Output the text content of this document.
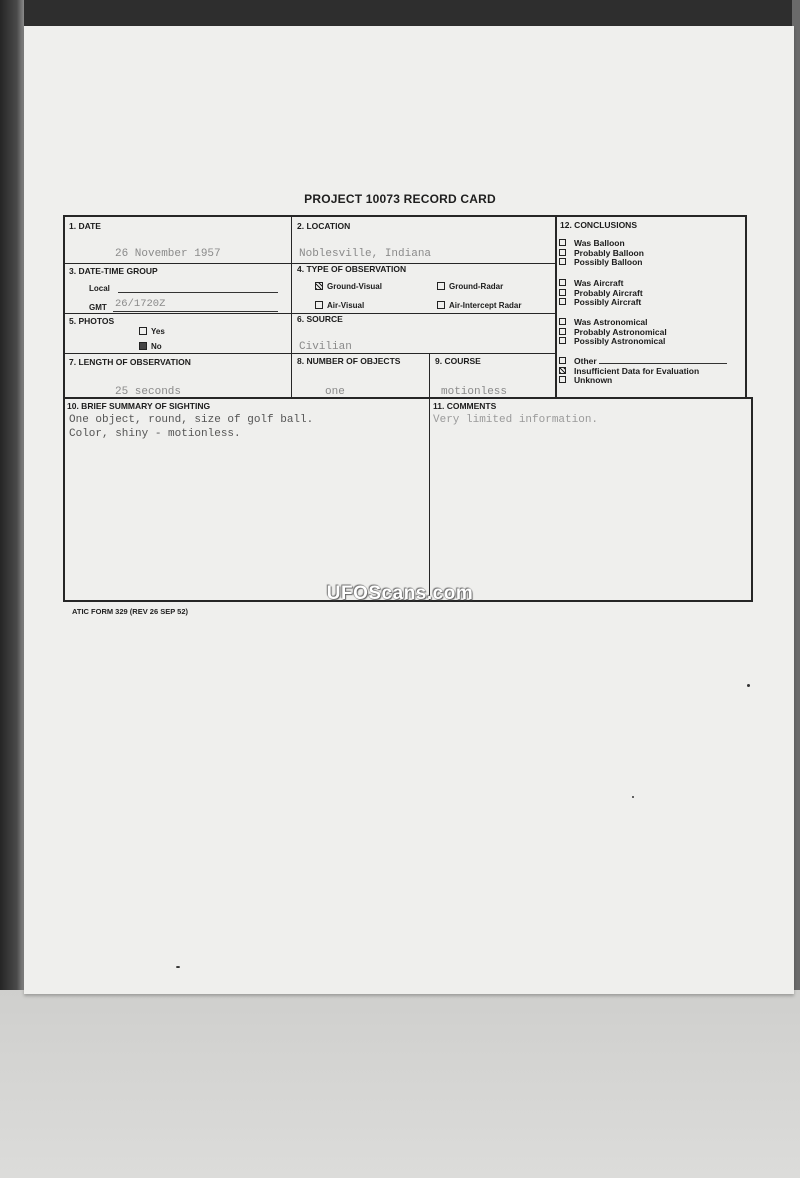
PROJECT 10073 RECORD CARD
1. DATE
26 November 1957
2. LOCATION
Noblesville, Indiana
3. DATE-TIME GROUP
Local
GMT 26/1720Z
4. TYPE OF OBSERVATION
Ground-Visual	Ground-Radar
Air-Visual	Air-Intercept Radar
5. PHOTOS
Yes
No
6. SOURCE
Civilian
7. LENGTH OF OBSERVATION
25 seconds
8. NUMBER OF OBJECTS
one
9. COURSE
motionless
10. BRIEF SUMMARY OF SIGHTING
One object, round, size of golf ball.
Color, shiny - motionless.
11. COMMENTS
Very limited information.
12. CONCLUSIONS
Was Balloon
Probably Balloon
Possibly Balloon
Was Aircraft
Probably Aircraft
Possibly Aircraft
Was Astronomical
Probably Astronomical
Possibly Astronomical
Other
Insufficient Data for Evaluation
Unknown
UFOScans.com
ATIC FORM 329 (REV 26 SEP 52)
